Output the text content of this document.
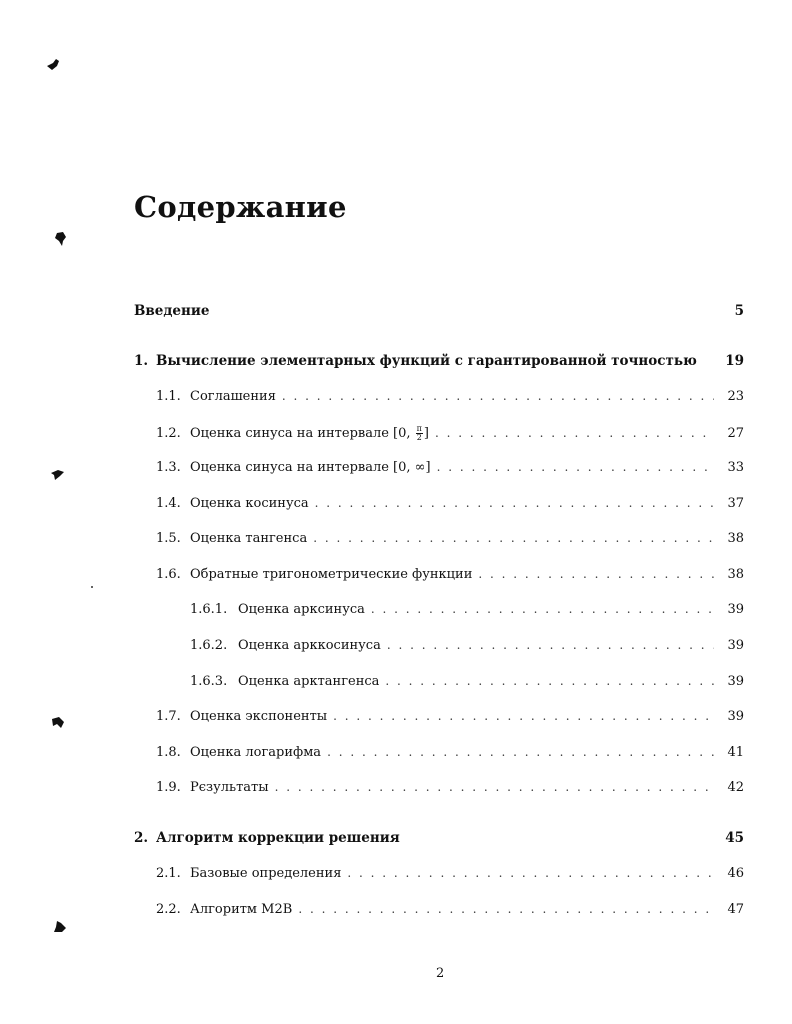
Содержание
Введение	5
1. Вычисление элементарных функций с гарантированной точностью	19
1.1. Соглашения . . .	23
1.2. Оценка синуса на интервале [0, $\frac{\pi}{2}$ ] . . .	27
1.3. Оценка синуса на интервале [0, ∞] . . .	33
1.4. Оценка косинуса . . .	37
1.5. Оценка тангенса . . .	38
1.6. Обратные тригонометрические функции . . .	38
1.6.1. Оценка арксинуса . . .	39
1.6.2. Оценка арккосинуса . . .	39
1.6.3. Оценка арктангенса . . .	39
1.7. Оценка экспоненты . . .	39
1.8. Оценка логарифма . . .	41
1.9. Рєзультаты . . .	42
2. Алгоритм коррекции решения	45
2.1. Базовые определения . . .	46
2.2. Алгоритм M2B . . .	47
2
